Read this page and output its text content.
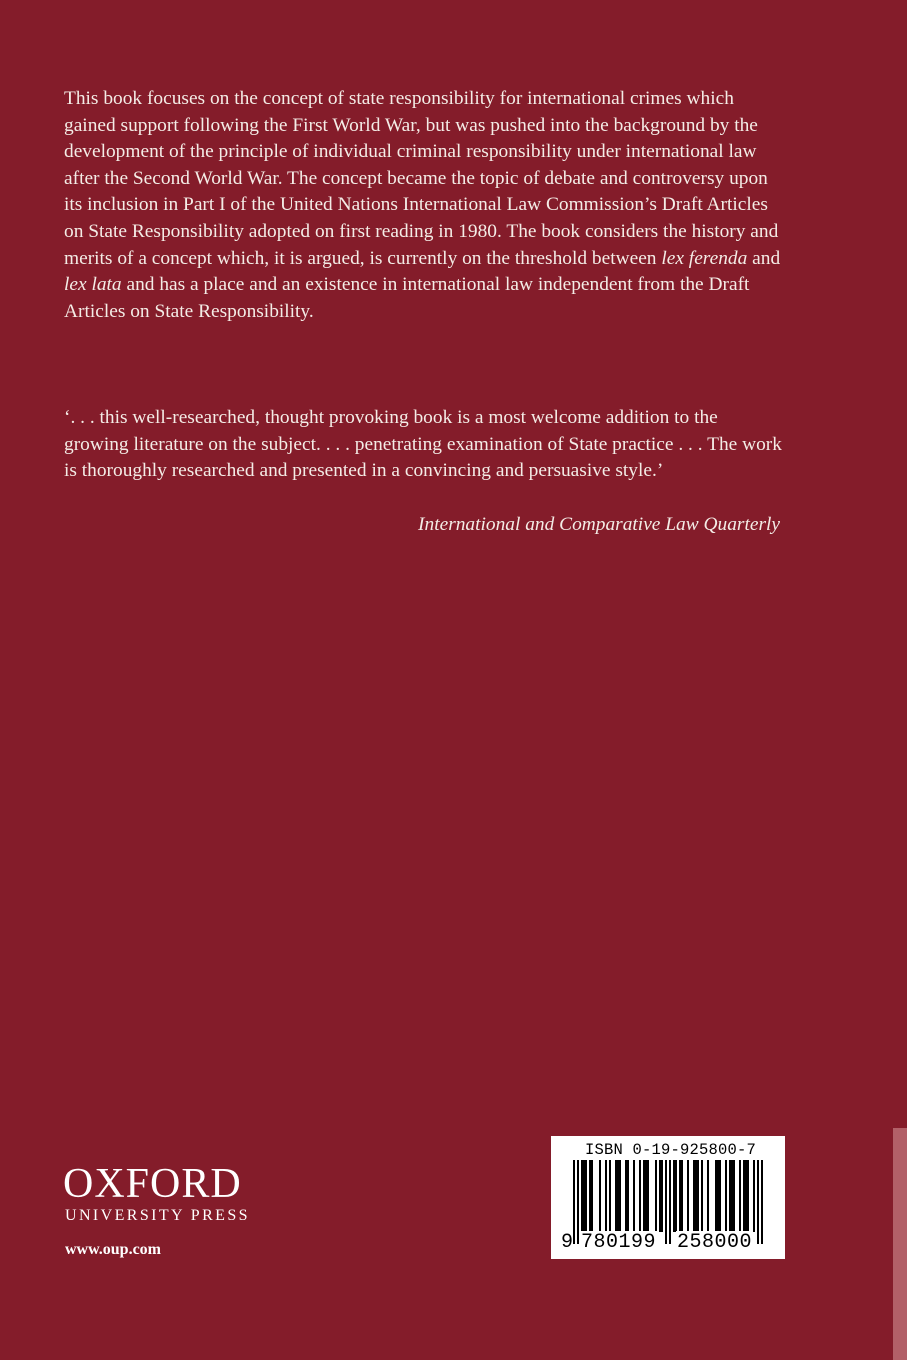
This book focuses on the concept of state responsibility for international crimes which gained support following the First World War, but was pushed into the background by the development of the principle of individual criminal responsibility under international law after the Second World War. The concept became the topic of debate and controversy upon its inclusion in Part I of the United Nations International Law Commission’s Draft Articles on State Responsibility adopted on first reading in 1980. The book considers the history and merits of a concept which, it is argued, is currently on the threshold between lex ferenda and lex lata and has a place and an existence in international law independent from the Draft Articles on State Responsibility.

‘. . . this well-researched, thought provoking book is a most welcome addition to the growing literature on the subject. . . . penetrating examination of State practice . . . The work is thoroughly researched and presented in a convincing and persuasive style.’

International and Comparative Law Quarterly

OXFORD
UNIVERSITY PRESS
www.oup.com
ISBN 0-19-925800-7
9 780199 258000
